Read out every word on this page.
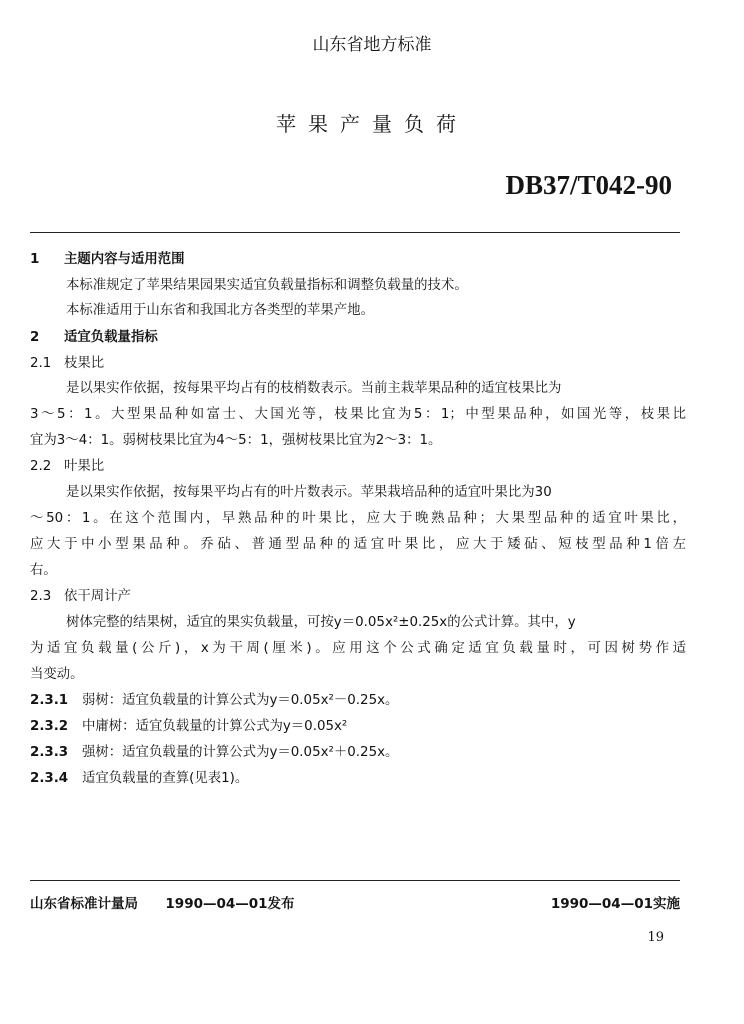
山东省地方标准
苹果产量负荷
DB37/T042-90
1 主题内容与适用范围
本标准规定了苹果结果园果实适宜负载量指标和调整负载量的技术。
本标准适用于山东省和我国北方各类型的苹果产地。
2 适宜负载量指标
2.1 枝果比
是以果实作依据，按每果平均占有的枝梢数表示。当前主栽苹果品种的适宜枝果比为
3～5：1。大型果品种如富士、大国光等，枝果比宜为5：1；中型果品种，如国光等，枝果比
宜为3～4：1。弱树枝果比宜为4～5：1，强树枝果比宜为2～3：1。
2.2 叶果比
是以果实作依据，按每果平均占有的叶片数表示。苹果栽培品种的适宜叶果比为30
～50：1。在这个范围内，早熟品种的叶果比，应大于晚熟品种；大果型品种的适宜叶果比，
应大于中小型果品种。乔砧、普通型品种的适宜叶果比，应大于矮砧、短枝型品种1倍左
右。
2.3 依干周计产
树体完整的结果树，适宜的果实负载量，可按y＝0.05x²±0.25x的公式计算。其中，y
为适宜负载量(公斤)，x为干周(厘米)。应用这个公式确定适宜负载量时，可因树势作适
当变动。
2.3.1 弱树：适宜负载量的计算公式为y＝0.05x²－0.25x。
2.3.2 中庸树：适宜负载量的计算公式为y＝0.05x²
2.3.3 强树：适宜负载量的计算公式为y＝0.05x²＋0.25x。
2.3.4 适宜负载量的查算(见表1)。
山东省标准计量局 1990—04—01发布	1990—04—01实施
19
